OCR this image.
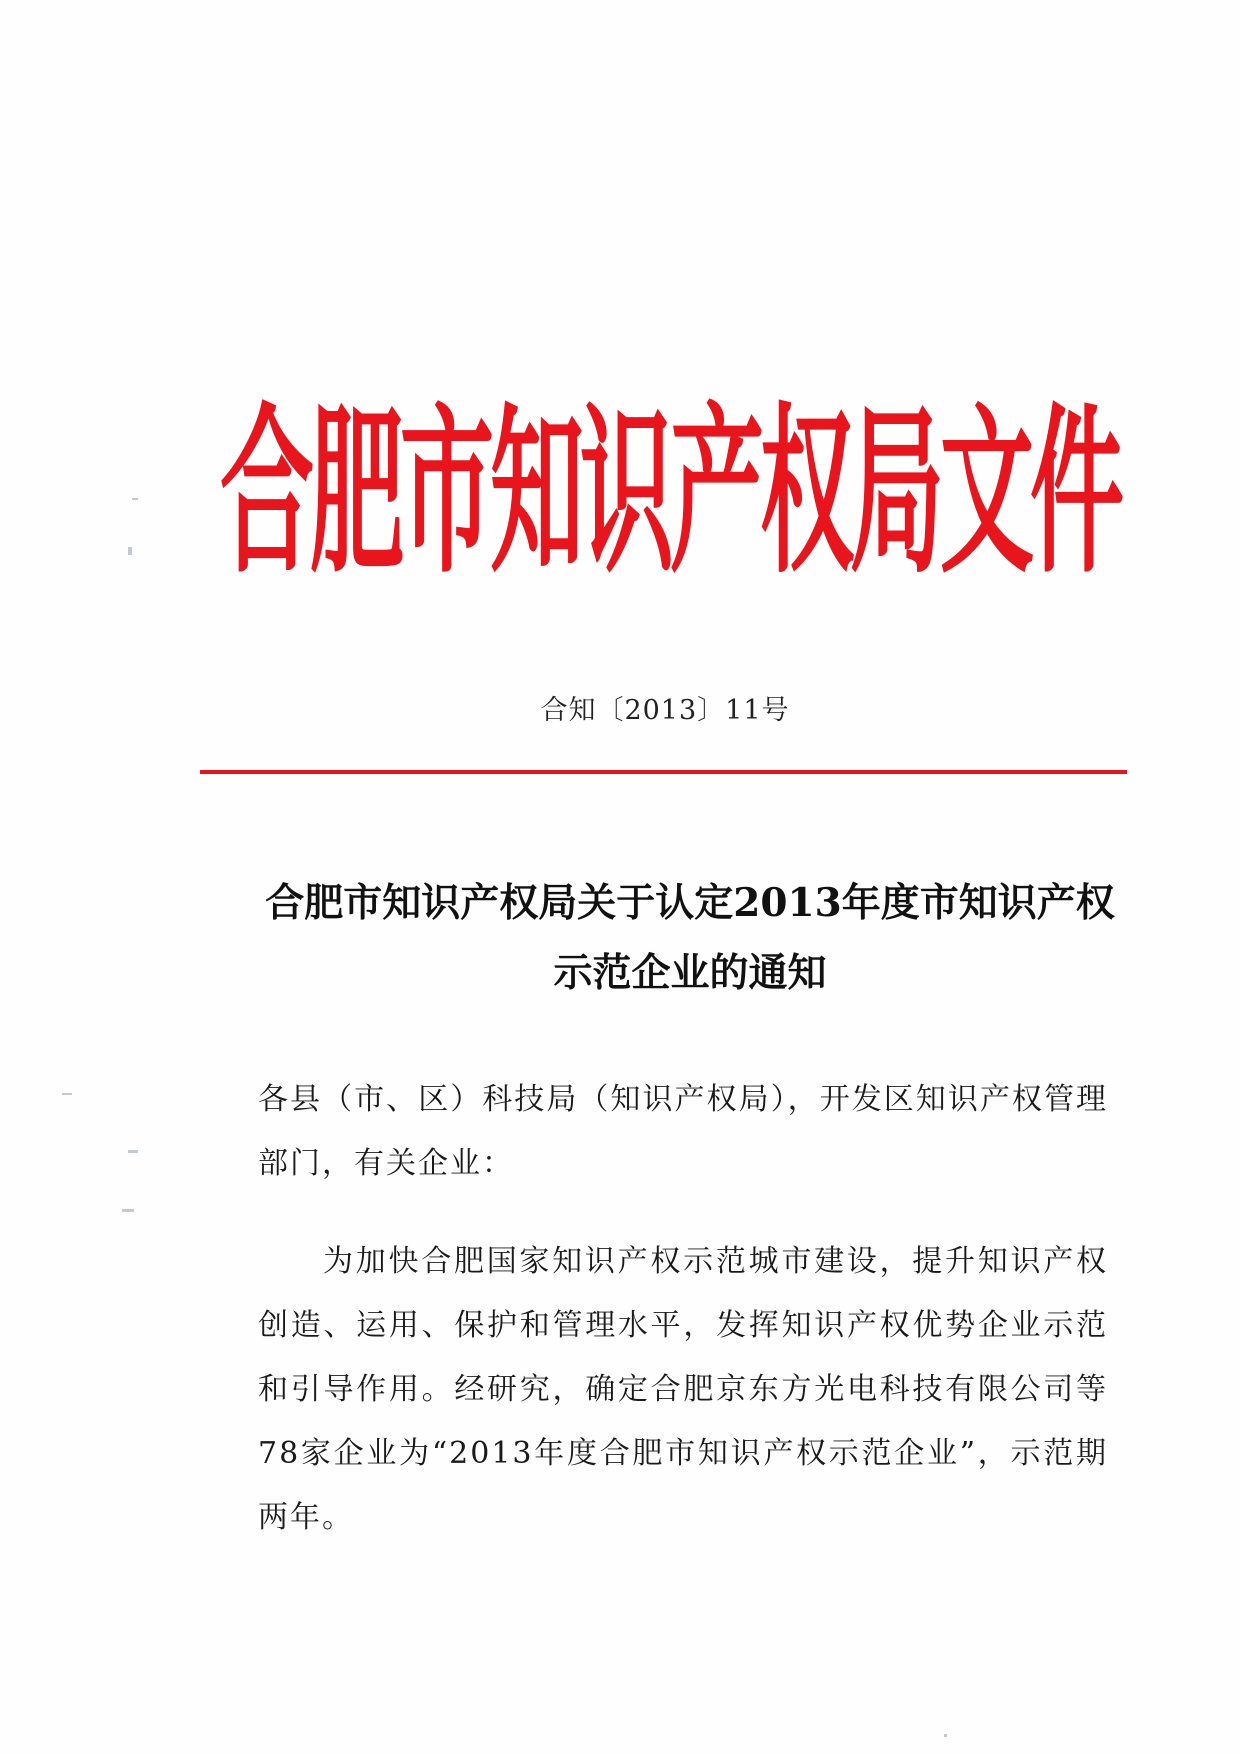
合肥市知识产权局文件
合知〔2013〕11号
合肥市知识产权局关于认定2013年度市知识产权示范企业的通知
各县（市、区）科技局（知识产权局），开发区知识产权管理部门，有关企业：
为加快合肥国家知识产权示范城市建设，提升知识产权创造、运用、保护和管理水平，发挥知识产权优势企业示范和引导作用。经研究，确定合肥京东方光电科技有限公司等78家企业为“2013年度合肥市知识产权示范企业”，示范期两年。
